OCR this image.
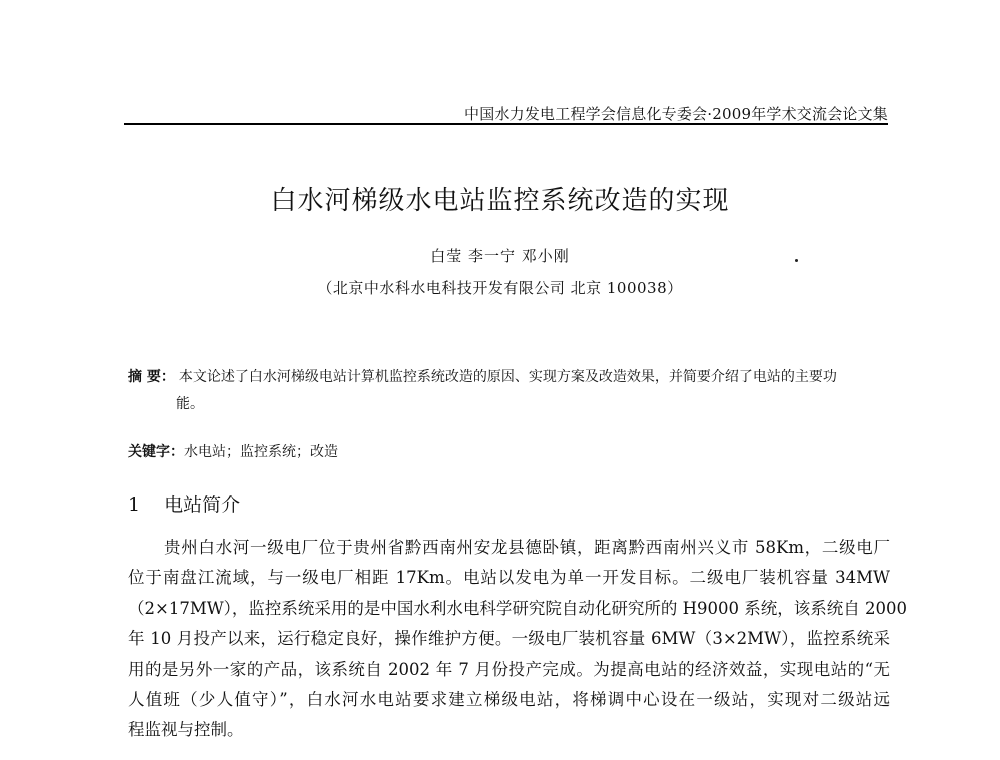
中国水力发电工程学会信息化专委会·2009年学术交流会论文集
白水河梯级水电站监控系统改造的实现
白莹 李一宁 邓小刚
（北京中水科水电科技开发有限公司 北京 100038）
摘 要： 本文论述了白水河梯级电站计算机监控系统改造的原因、实现方案及改造效果，并简要介绍了电站的主要功
能。
关键字：水电站；监控系统；改造
1 电站简介
贵州白水河一级电厂位于贵州省黔西南州安龙县德卧镇，距离黔西南州兴义市 58Km，二级电厂
位于南盘江流域，与一级电厂相距 17Km。电站以发电为单一开发目标。二级电厂装机容量 34MW
（2×17MW），监控系统采用的是中国水利水电科学研究院自动化研究所的 H9000 系统，该系统自 2000
年 10 月投产以来，运行稳定良好，操作维护方便。一级电厂装机容量 6MW（3×2MW），监控系统采
用的是另外一家的产品，该系统自 2002 年 7 月份投产完成。为提高电站的经济效益，实现电站的“无
人值班（少人值守）”，白水河水电站要求建立梯级电站，将梯调中心设在一级站，实现对二级站远
程监视与控制。
